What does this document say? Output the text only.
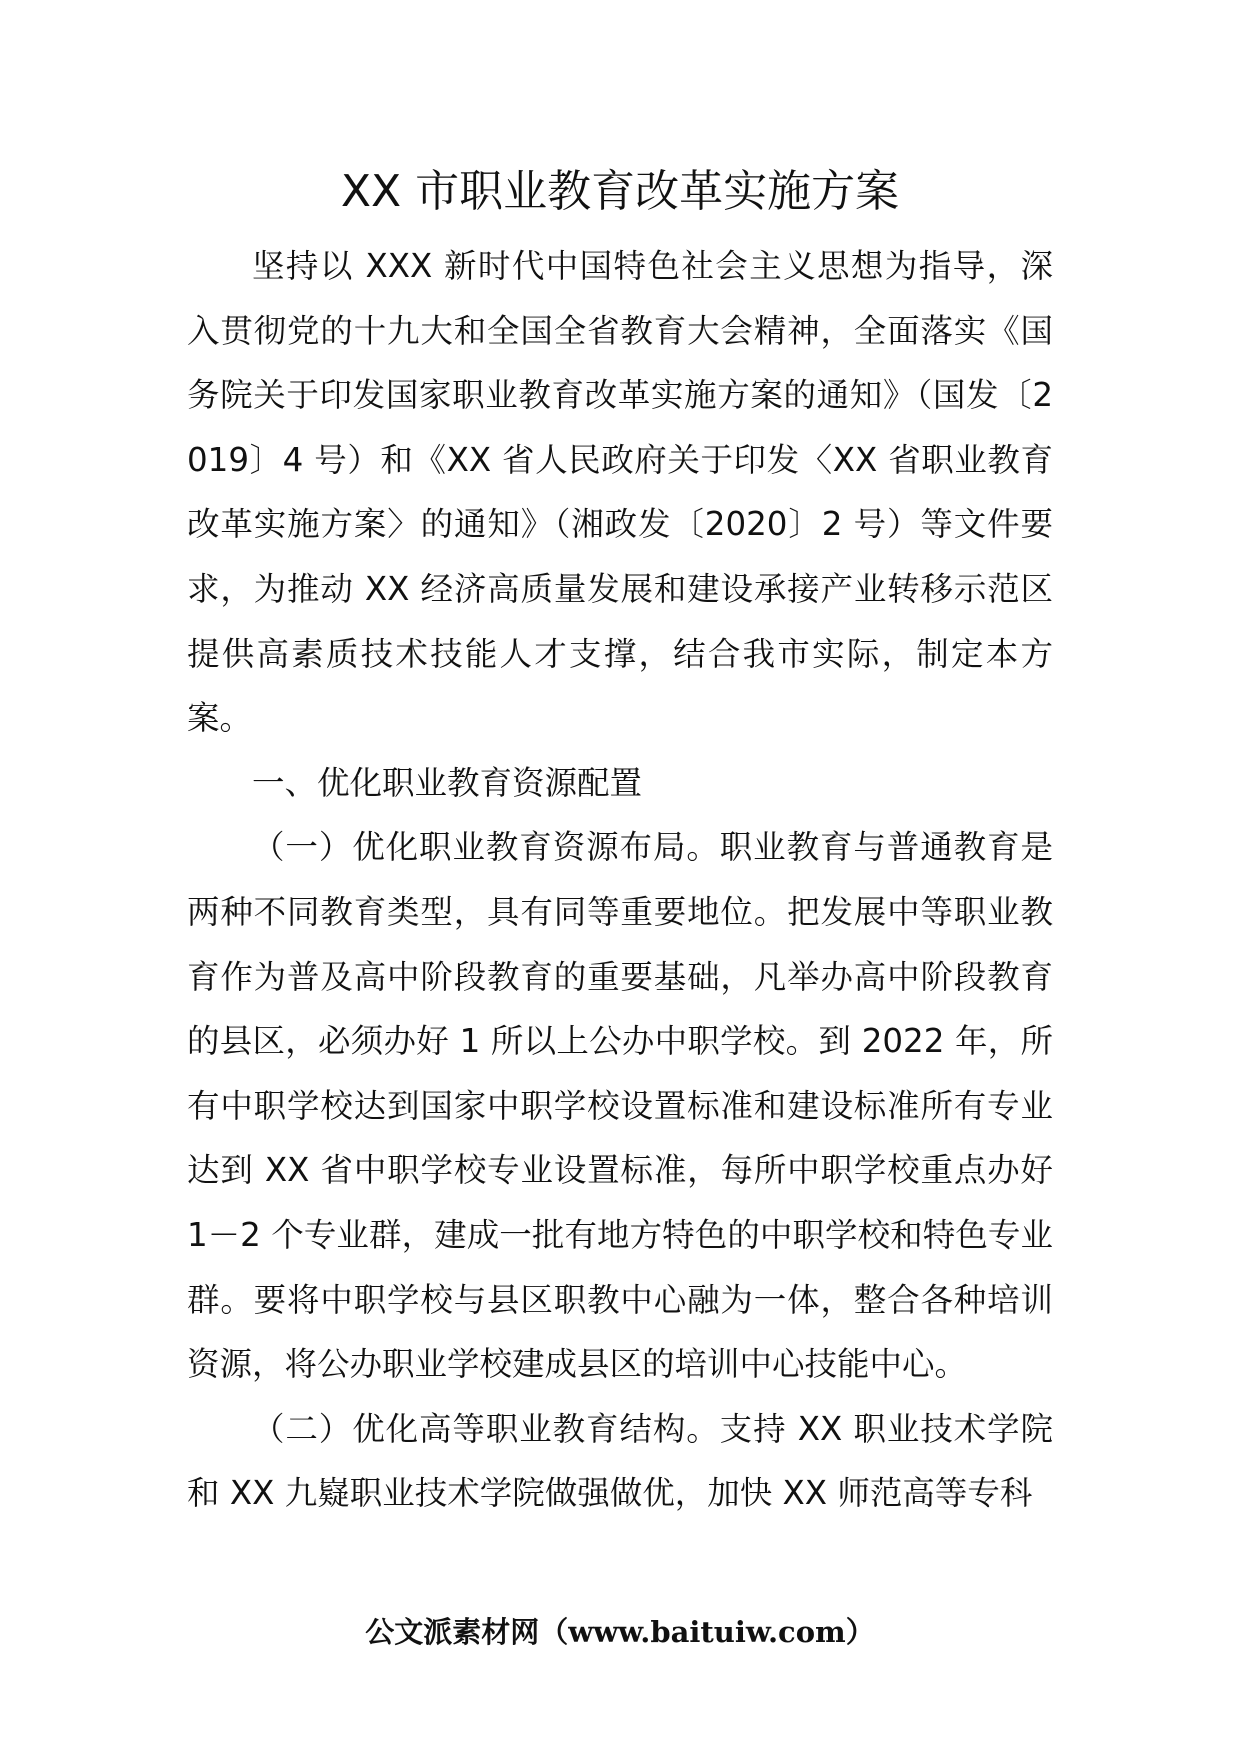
XX 市职业教育改革实施方案

坚持以 XXX 新时代中国特色社会主义思想为指导，深入贯彻党的十九大和全国全省教育大会精神，全面落实《国务院关于印发国家职业教育改革实施方案的通知》（国发〔2019〕4 号）和《XX 省人民政府关于印发〈XX 省职业教育改革实施方案〉的通知》（湘政发〔2020〕2 号）等文件要求，为推动 XX 经济高质量发展和建设承接产业转移示范区提供高素质技术技能人才支撑，结合我市实际，制定本方案。

一、优化职业教育资源配置

（一）优化职业教育资源布局。职业教育与普通教育是两种不同教育类型，具有同等重要地位。把发展中等职业教育作为普及高中阶段教育的重要基础，凡举办高中阶段教育的县区，必须办好 1 所以上公办中职学校。到 2022 年，所有中职学校达到国家中职学校设置标准和建设标准所有专业达到 XX 省中职学校专业设置标准，每所中职学校重点办好 1－2 个专业群，建成一批有地方特色的中职学校和特色专业群。要将中职学校与县区职教中心融为一体，整合各种培训资源，将公办职业学校建成县区的培训中心技能中心。

（二）优化高等职业教育结构。支持 XX 职业技术学院和 XX 九嶷职业技术学院做强做优，加快 XX 师范高等专科

公文派素材网（www.baituiw.com）
